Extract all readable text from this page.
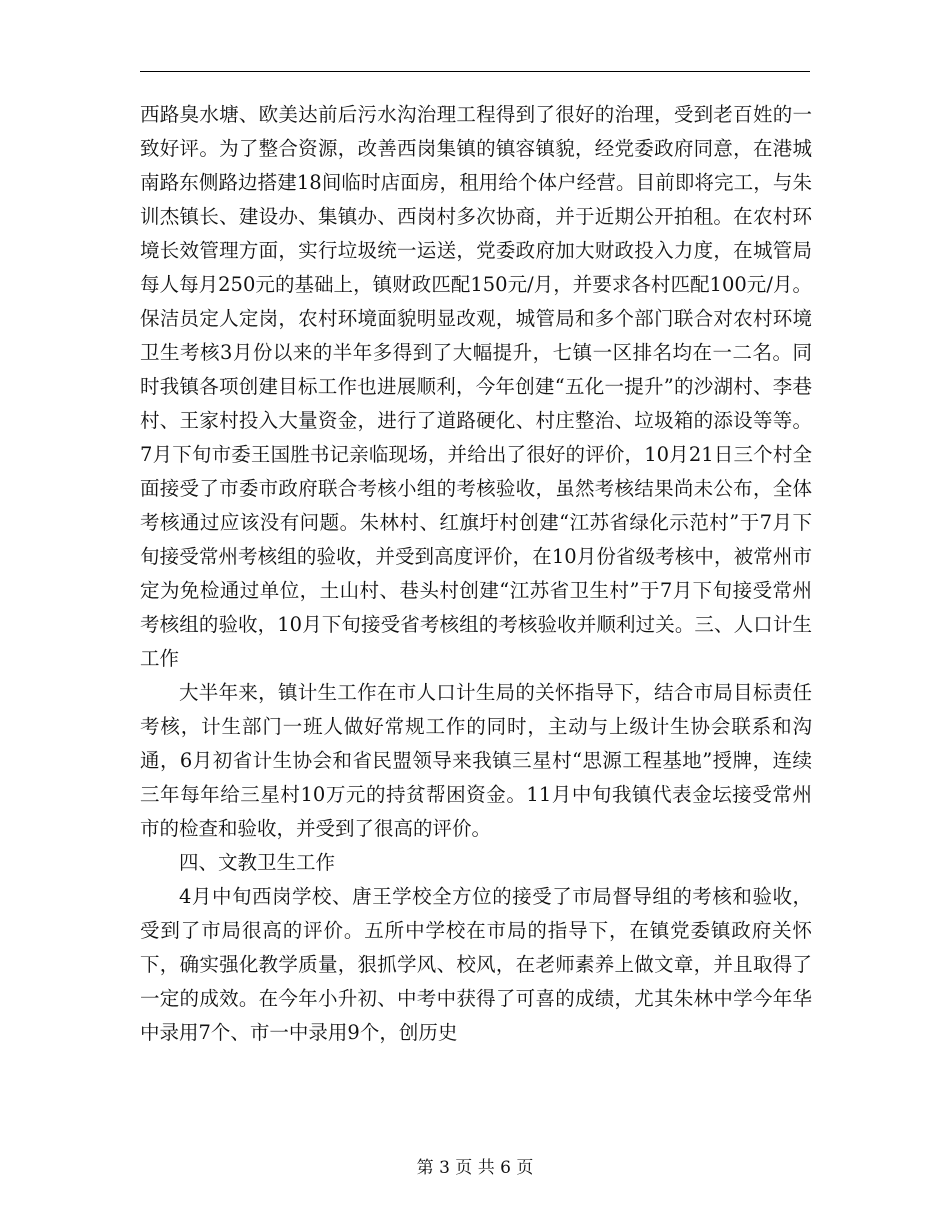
西路臭水塘、欧美达前后污水沟治理工程得到了很好的治理，受到老百姓的一致好评。为了整合资源，改善西岗集镇的镇容镇貌，经党委政府同意，在港城南路东侧路边搭建18间临时店面房，租用给个体户经营。目前即将完工，与朱训杰镇长、建设办、集镇办、西岗村多次协商，并于近期公开拍租。在农村环境长效管理方面，实行垃圾统一运送，党委政府加大财政投入力度，在城管局每人每月250元的基础上，镇财政匹配150元/月，并要求各村匹配100元/月。保洁员定人定岗，农村环境面貌明显改观，城管局和多个部门联合对农村环境卫生考核3月份以来的半年多得到了大幅提升，七镇一区排名均在一二名。同时我镇各项创建目标工作也进展顺利，今年创建“五化一提升”的沙湖村、李巷村、王家村投入大量资金，进行了道路硬化、村庄整治、垃圾箱的添设等等。7月下旬市委王国胜书记亲临现场，并给出了很好的评价，10月21日三个村全面接受了市委市政府联合考核小组的考核验收，虽然考核结果尚未公布，全体考核通过应该没有问题。朱林村、红旗圩村创建“江苏省绿化示范村”于7月下旬接受常州考核组的验收，并受到高度评价，在10月份省级考核中，被常州市定为免检通过单位，土山村、巷头村创建“江苏省卫生村”于7月下旬接受常州考核组的验收，10月下旬接受省考核组的考核验收并顺利过关。三、人口计生工作

大半年来，镇计生工作在市人口计生局的关怀指导下，结合市局目标责任考核，计生部门一班人做好常规工作的同时，主动与上级计生协会联系和沟通，6月初省计生协会和省民盟领导来我镇三星村“思源工程基地”授牌，连续三年每年给三星村10万元的持贫帮困资金。11月中旬我镇代表金坛接受常州市的检查和验收，并受到了很高的评价。

四、文教卫生工作

4月中旬西岗学校、唐王学校全方位的接受了市局督导组的考核和验收，受到了市局很高的评价。五所中学校在市局的指导下，在镇党委镇政府关怀下，确实强化教学质量，狠抓学风、校风，在老师素养上做文章，并且取得了一定的成效。在今年小升初、中考中获得了可喜的成绩，尤其朱林中学今年华中录用7个、市一中录用9个，创历史

第 3 页 共 6 页
